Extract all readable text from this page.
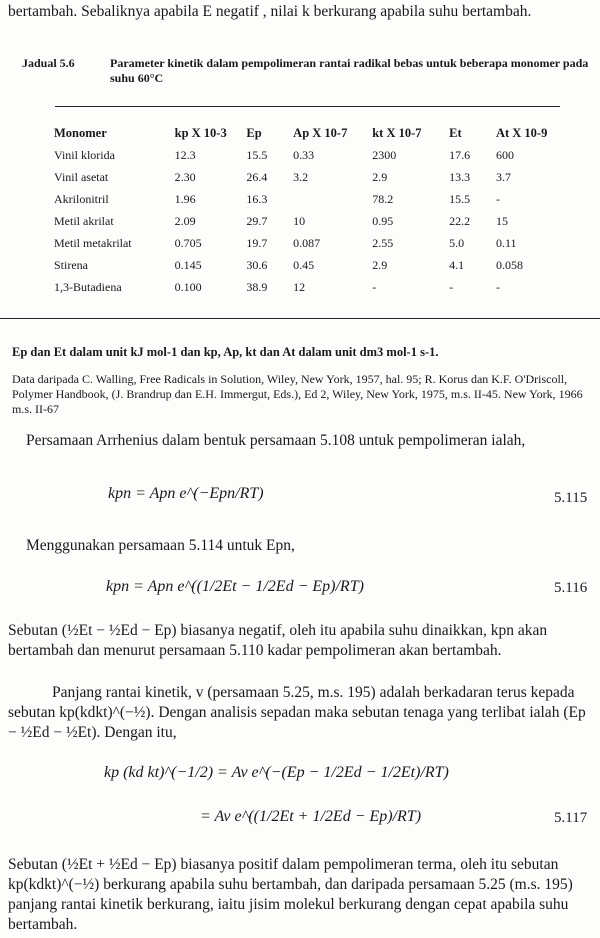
bertambah. Sebaliknya apabila E negatif , nilai k berkurang apabila suhu bertambah.
Jadual 5.6	Parameter kinetik dalam pempolimeran rantai radikal bebas untuk beberapa monomer pada suhu 60°C
Monomer	kp X 10-3	Ep	Ap X 10-7	kt X 10-7	Et	At X 10-9
Vinil klorida	12.3	15.5	0.33	2300	17.6	600
Vinil asetat	2.30	26.4	3.2	2.9	13.3	3.7
Akrilonitril	1.96	16.3		78.2	15.5	-
Metil akrilat	2.09	29.7	10	0.95	22.2	15
Metil metakrilat	0.705	19.7	0.087	2.55	5.0	0.11
Stirena	0.145	30.6	0.45	2.9	4.1	0.058
1,3-Butadiena	0.100	38.9	12	-	-	-
Ep dan Et dalam unit kJ mol-1 dan kp, Ap, kt dan At dalam unit dm3 mol-1 s-1.
Data daripada C. Walling, Free Radicals in Solution, Wiley, New York, 1957, hal. 95; R. Korus dan K.F. O'Driscoll, Polymer Handbook, (J. Brandrup dan E.H. Immergut, Eds.), Ed 2, Wiley, New York, 1975, m.s. II-45. New York, 1966 m.s. II-67
Persamaan Arrhenius dalam bentuk persamaan 5.108 untuk pempolimeran ialah,
kpn = Apn e^(−Epn/RT)	5.115
Menggunakan persamaan 5.114 untuk Epn,
kpn = Apn e^((1/2Et − 1/2Ed − Ep)/RT)	5.116
Sebutan (½Et − ½Ed − Ep) biasanya negatif, oleh itu apabila suhu dinaikkan, kpn akan bertambah dan menurut persamaan 5.110 kadar pempolimeran akan bertambah.
Panjang rantai kinetik, v (persamaan 5.25, m.s. 195) adalah berkadaran terus kepada sebutan kp(kdkt)^(−½). Dengan analisis sepadan maka sebutan tenaga yang terlibat ialah (Ep − ½Ed − ½Et). Dengan itu,
kp (kd kt)^(−1/2) = Av e^(−(Ep − 1/2Ed − 1/2Et)/RT)
= Av e^((1/2Et + 1/2Ed − Ep)/RT)	5.117
Sebutan (½Et + ½Ed − Ep) biasanya positif dalam pempolimeran terma, oleh itu sebutan kp(kdkt)^(−½) berkurang apabila suhu bertambah, dan daripada persamaan 5.25 (m.s. 195) panjang rantai kinetik berkurang, iaitu jisim molekul berkurang dengan cepat apabila suhu bertambah.
